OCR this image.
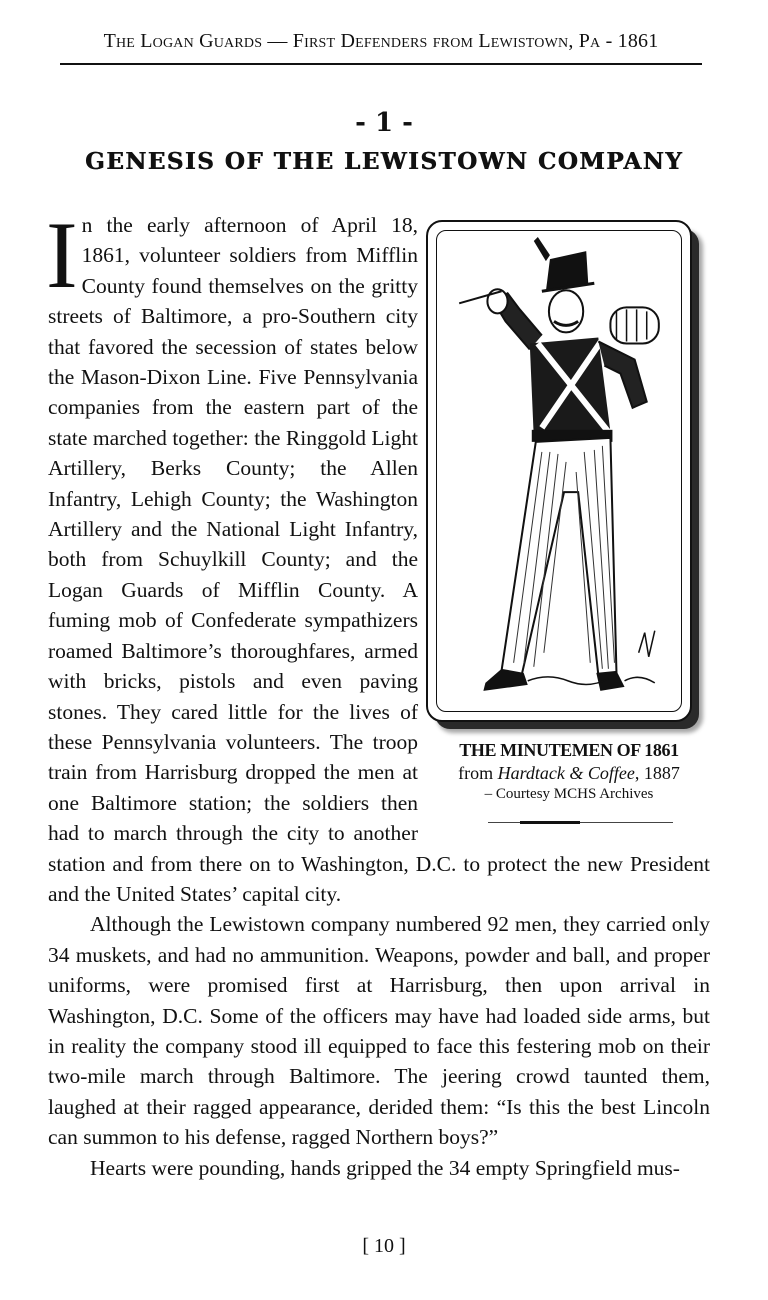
The Logan Guards — First Defenders from Lewistown, Pa - 1861
- 1 -
GENESIS OF THE LEWISTOWN COMPANY

In the early afternoon of April 18, 1861, volunteer soldiers from Mifflin County found themselves on the gritty streets of Baltimore, a pro-Southern city that favored the secession of states below the Mason-Dixon Line. Five Pennsylvania companies from the eastern part of the state marched together: the Ringgold Light Artillery, Berks County; the Allen Infantry, Lehigh County; the Washington Artillery and the National Light Infantry, both from Schuylkill County; and the Logan Guards of Mifflin County. A fuming mob of Confederate sympathizers roamed Baltimore’s thoroughfares, armed with bricks, pistols and even paving stones. They cared little for the lives of these Pennsylvania volunteers. The troop train from Harrisburg dropped the men at one Baltimore station; the soldiers then had to march through the city to another station and from there on to Washington, D.C. to protect the new President and the United States’ capital city.

Although the Lewistown company numbered 92 men, they carried only 34 muskets, and had no ammunition. Weapons, powder and ball, and proper uniforms, were promised first at Harrisburg, then upon arrival in Washington, D.C. Some of the officers may have had loaded side arms, but in reality the company stood ill equipped to face this festering mob on their two-mile march through Baltimore. The jeering crowd taunted them, laughed at their ragged appearance, derided them: “Is this the best Lincoln can summon to his defense, ragged Northern boys?”

Hearts were pounding, hands gripped the 34 empty Springfield mus-

THE MINUTEMEN OF 1861
from Hardtack & Coffee, 1887
– Courtesy MCHS Archives
[ 10 ]
